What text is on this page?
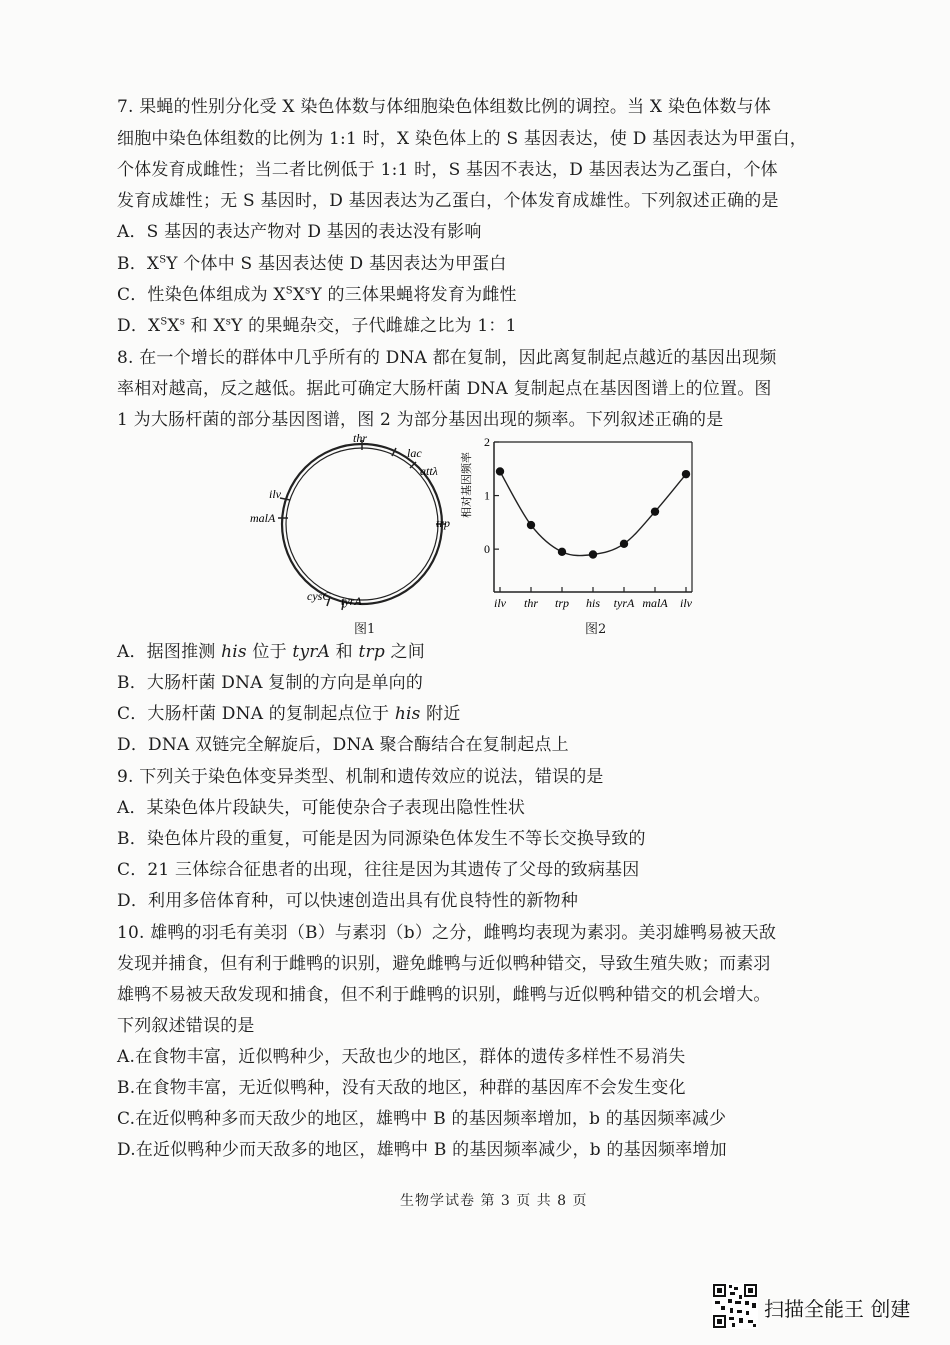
7. 果蝇的性别分化受 X 染色体数与体细胞染色体组数比例的调控。当 X 染色体数与体
细胞中染色体组数的比例为 1:1 时，X 染色体上的 S 基因表达，使 D 基因表达为甲蛋白，
个体发育成雌性；当二者比例低于 1:1 时，S 基因不表达，D 基因表达为乙蛋白，个体
发育成雄性；无 S 基因时，D 基因表达为乙蛋白，个体发育成雄性。下列叙述正确的是
A．S 基因的表达产物对 D 基因的表达没有影响
B．$X^SY$ 个体中 S 基因表达使 D 基因表达为甲蛋白
C．性染色体组成为 $X^SX^sY$ 的三体果蝇将发育为雌性
D．$X^SX^s$ 和 $X^sY$ 的果蝇杂交，子代雌雄之比为 1：1
8. 在一个增长的群体中几乎所有的 DNA 都在复制，因此离复制起点越近的基因出现频
率相对越高，反之越低。据此可确定大肠杆菌 DNA 复制起点在基因图谱上的位置。图
1 为大肠杆菌的部分基因图谱，图 2 为部分基因出现的频率。下列叙述正确的是
thr
lac
attλ
trp
tyrA
cysC
malA
ilv
图1
相对基因频率
2
1
0
ilv thr trp his tyrA malA ilv
图2
A．据图推测 his 位于 tyrA 和 trp 之间
B．大肠杆菌 DNA 复制的方向是单向的
C．大肠杆菌 DNA 的复制起点位于 his 附近
D．DNA 双链完全解旋后，DNA 聚合酶结合在复制起点上
9. 下列关于染色体变异类型、机制和遗传效应的说法，错误的是
A．某染色体片段缺失，可能使杂合子表现出隐性性状
B．染色体片段的重复，可能是因为同源染色体发生不等长交换导致的
C．21 三体综合征患者的出现，往往是因为其遗传了父母的致病基因
D．利用多倍体育种，可以快速创造出具有优良特性的新物种
10. 雄鸭的羽毛有美羽（B）与素羽（b）之分，雌鸭均表现为素羽。美羽雄鸭易被天敌
发现并捕食，但有利于雌鸭的识别，避免雌鸭与近似鸭种错交，导致生殖失败；而素羽
雄鸭不易被天敌发现和捕食，但不利于雌鸭的识别，雌鸭与近似鸭种错交的机会增大。
下列叙述错误的是
A.在食物丰富，近似鸭种少，天敌也少的地区，群体的遗传多样性不易消失
B.在食物丰富，无近似鸭种，没有天敌的地区，种群的基因库不会发生变化
C.在近似鸭种多而天敌少的地区，雄鸭中 B 的基因频率增加，b 的基因频率减少
D.在近似鸭种少而天敌多的地区，雄鸭中 B 的基因频率减少，b 的基因频率增加
生物学试卷 第 3 页 共 8 页
扫描全能王 创建
